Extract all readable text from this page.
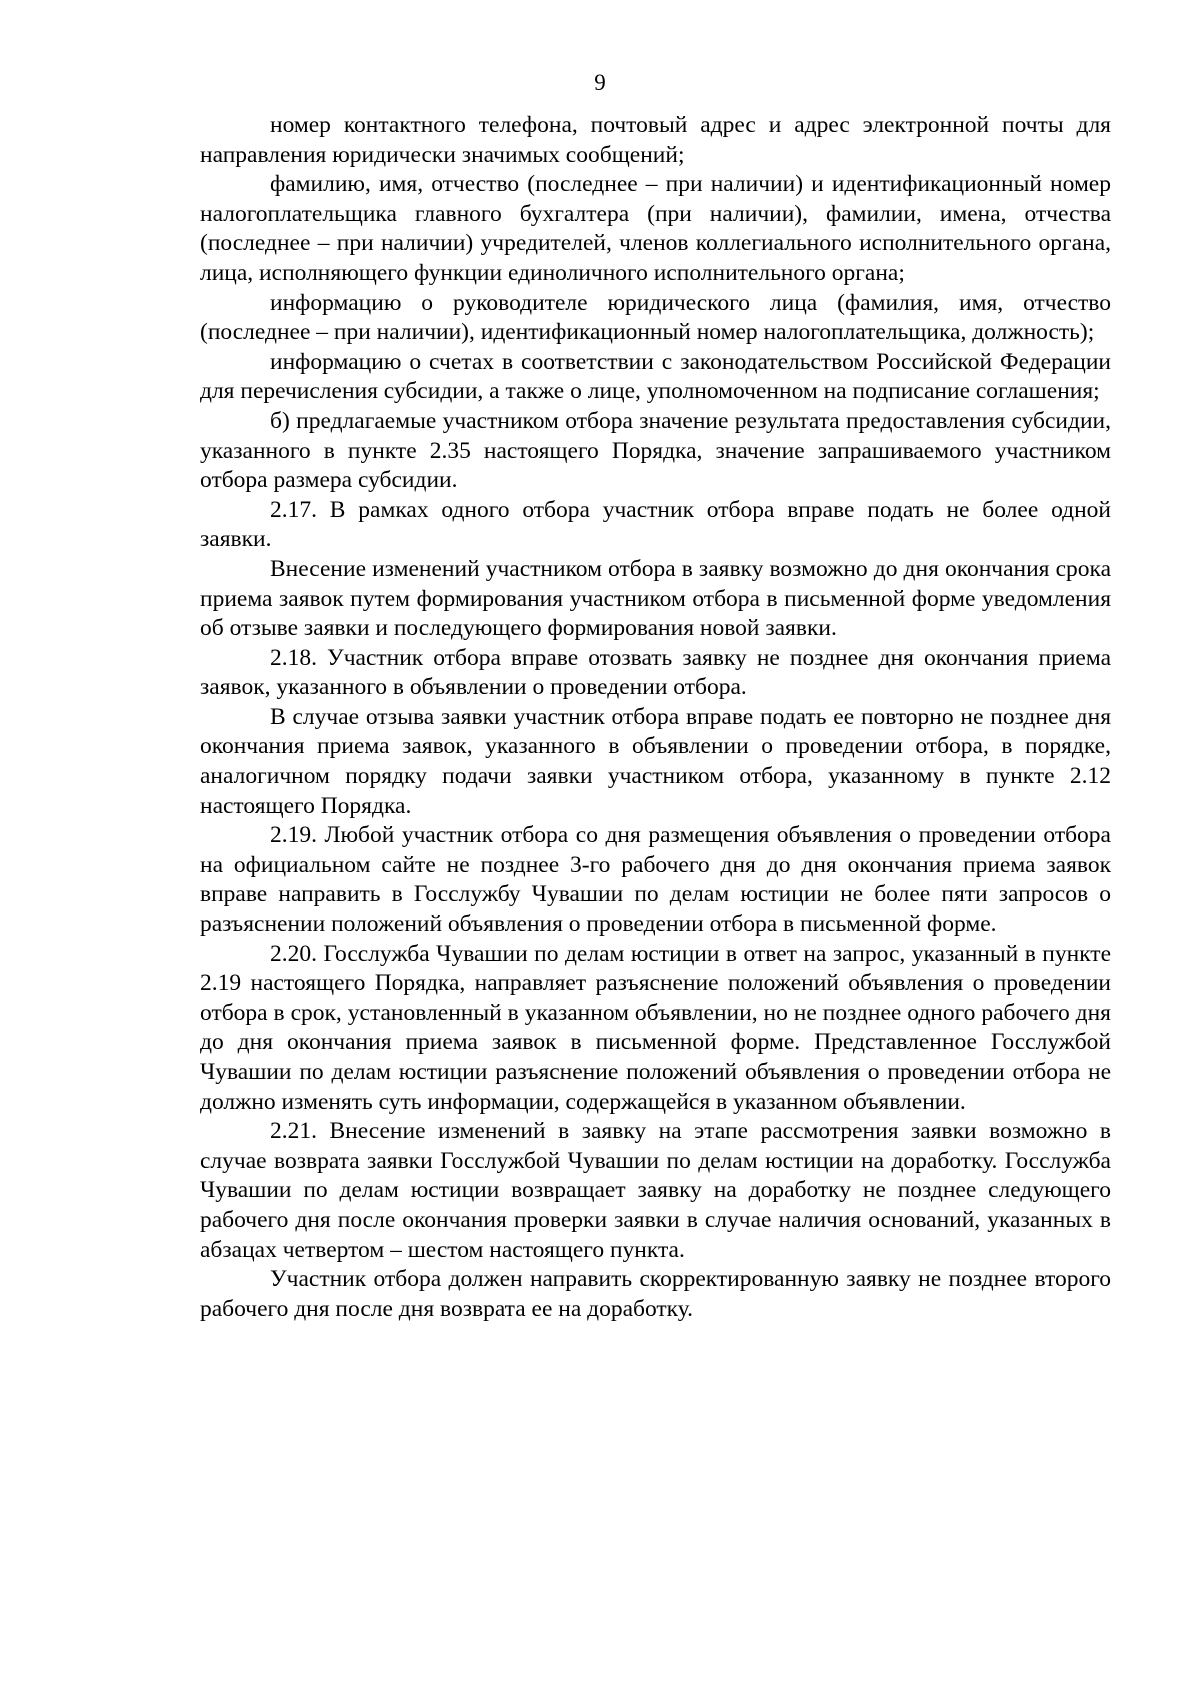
9

номер контактного телефона, почтовый адрес и адрес электронной почты для направления юридически значимых сообщений;

фамилию, имя, отчество (последнее – при наличии) и идентификационный номер налогоплательщика главного бухгалтера (при наличии), фамилии, имена, отчества (последнее – при наличии) учредителей, членов коллегиального исполнительного органа, лица, исполняющего функции единоличного исполнительного органа;

информацию о руководителе юридического лица (фамилия, имя, отчество (последнее – при наличии), идентификационный номер налогоплательщика, должность);

информацию о счетах в соответствии с законодательством Российской Федерации для перечисления субсидии, а также о лице, уполномоченном на подписание соглашения;

б) предлагаемые участником отбора значение результата предоставления субсидии, указанного в пункте 2.35 настоящего Порядка, значение запрашиваемого участником отбора размера субсидии.

2.17. В рамках одного отбора участник отбора вправе подать не более одной заявки.

Внесение изменений участником отбора в заявку возможно до дня окончания срока приема заявок путем формирования участником отбора в письменной форме уведомления об отзыве заявки и последующего формирования новой заявки.

2.18. Участник отбора вправе отозвать заявку не позднее дня окончания приема заявок, указанного в объявлении о проведении отбора.

В случае отзыва заявки участник отбора вправе подать ее повторно не позднее дня окончания приема заявок, указанного в объявлении о проведении отбора, в порядке, аналогичном порядку подачи заявки участником отбора, указанному в пункте 2.12 настоящего Порядка.

2.19. Любой участник отбора со дня размещения объявления о проведении отбора на официальном сайте не позднее 3-го рабочего дня до дня окончания приема заявок вправе направить в Госслужбу Чувашии по делам юстиции не более пяти запросов о разъяснении положений объявления о проведении отбора в письменной форме.

2.20. Госслужба Чувашии по делам юстиции в ответ на запрос, указанный в пункте 2.19 настоящего Порядка, направляет разъяснение положений объявления о проведении отбора в срок, установленный в указанном объявлении, но не позднее одного рабочего дня до дня окончания приема заявок в письменной форме. Представленное Госслужбой Чувашии по делам юстиции разъяснение положений объявления о проведении отбора не должно изменять суть информации, содержащейся в указанном объявлении.

2.21. Внесение изменений в заявку на этапе рассмотрения заявки возможно в случае возврата заявки Госслужбой Чувашии по делам юстиции на доработку. Госслужба Чувашии по делам юстиции возвращает заявку на доработку не позднее следующего рабочего дня после окончания проверки заявки в случае наличия оснований, указанных в абзацах четвертом – шестом настоящего пункта.

Участник отбора должен направить скорректированную заявку не позднее второго рабочего дня после дня возврата ее на доработку.
